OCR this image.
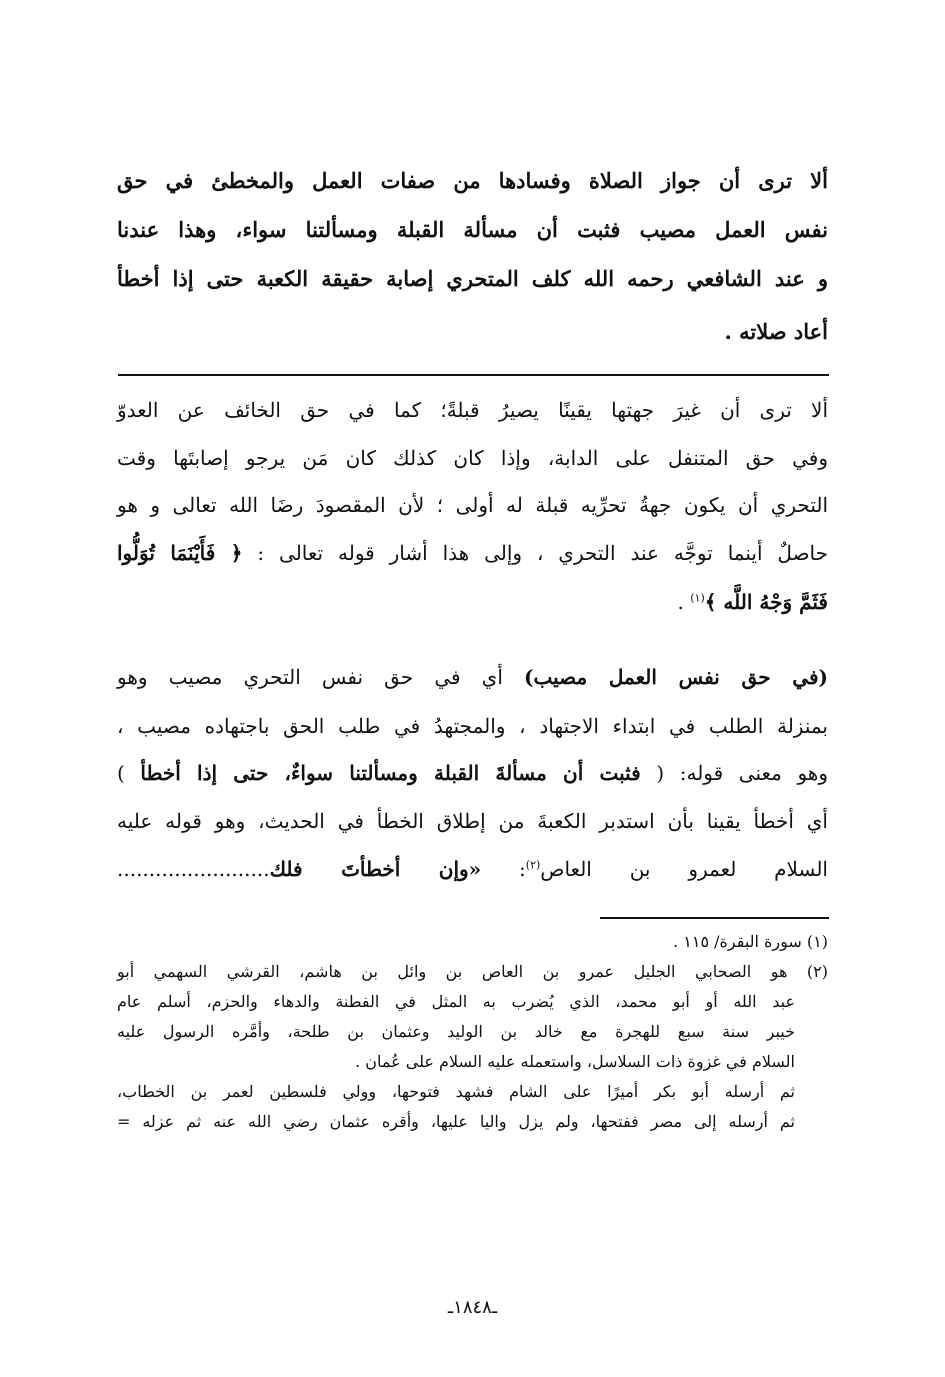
ألا ترى أن جواز الصلاة وفسادها من صفات العمل والمخطئ في حق
نفس العمل مصيب فثبت أن مسألة القبلة ومسألتنا سواء، وهذا عندنا
و عند الشافعي رحمه الله كلف المتحري إصابة حقيقة الكعبة حتى إذا أخطأ
أعاد صلاته .
ألا ترى أن غيرَ جهتها يقينًا يصيرُ قبلةً؛ كما في حق الخائف عن العدوّ
وفي حق المتنفل على الدابة، وإذا كان كذلك كان مَن يرجو إصابتَها وقت
التحري أن يكون جهةُ تحرِّيه قبلة له أولى ؛ لأن المقصودَ رضَا الله تعالى و هو
حاصلٌ أينما توجَّه عند التحري ، وإلى هذا أشار قوله تعالى : ﴿ فَأَيْنَمَا تُوَلُّوا
فَثَمَّ وَجْهُ اللَّه ﴾$^{(١)}$ .
(في حق نفس العمل مصيب) أي في حق نفس التحري مصيب وهو
بمنزلة الطلب في ابتداء الاجتهاد ، والمجتهدُ في طلب الحق باجتهاده مصيب ،
وهو معنى قوله: ( فثبت أن مسألةَ القبلة ومسألتنا سواءٌ، حتى إذا أخطأ )
أي أخطأ يقينا بأن استدبر الكعبةَ من إطلاق الخطأ في الحديث، وهو قوله عليه
السلام لعمرو بن العاص$^{(٢)}$: «وإن أخطأتَ فلك........................
(١) سورة البقرة/ ١١٥ .
(٢) هو الصحابي الجليل عمرو بن العاص بن وائل بن هاشم، القرشي السهمي أبو
عبد الله أو أبو محمد، الذي يُضرب به المثل في الفطنة والدهاء والحزم، أسلم عام
خيبر سنة سبع للهجرة مع خالد بن الوليد وعثمان بن طلحة، وأمَّره الرسول عليه
السلام في غزوة ذات السلاسل، واستعمله عليه السلام على عُمان .
ثم أرسله أبو بكر أميرًا على الشام فشهد فتوحها، وولي فلسطين لعمر بن الخطاب،
ثم أرسله إلى مصر ففتحها، ولم يزل واليا عليها، وأقره عثمان رضي الله عنه ثم عزله =
ـ١٨٤٨ـ
